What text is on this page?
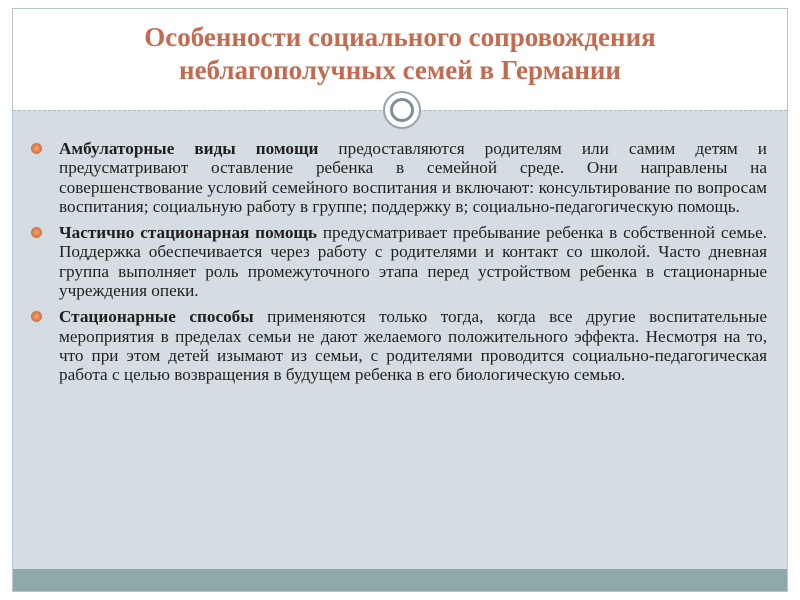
Особенности социального сопровождения
неблагополучных семей в Германии
Амбулаторные виды помощи предоставляются родителям или самим детям и предусматривают оставление ребенка в семейной среде. Они направлены на совершенствование условий семейного воспитания и включают: консультирование по вопросам воспитания; социальную работу в группе; поддержку в; социально-педагогическую помощь.
Частично стационарная помощь предусматривает пребывание ребенка в собственной семье. Поддержка обеспечивается через работу с родителями и контакт со школой. Часто дневная группа выполняет роль промежуточного этапа перед устройством ребенка в стационарные учреждения опеки.
Стационарные способы применяются только тогда, когда все другие воспитательные мероприятия в пределах семьи не дают желаемого положительного эффекта. Несмотря на то, что при этом детей изымают из семьи, с родителями проводится социально-педагогическая работа с целью возвращения в будущем ребенка в его биологическую семью.
